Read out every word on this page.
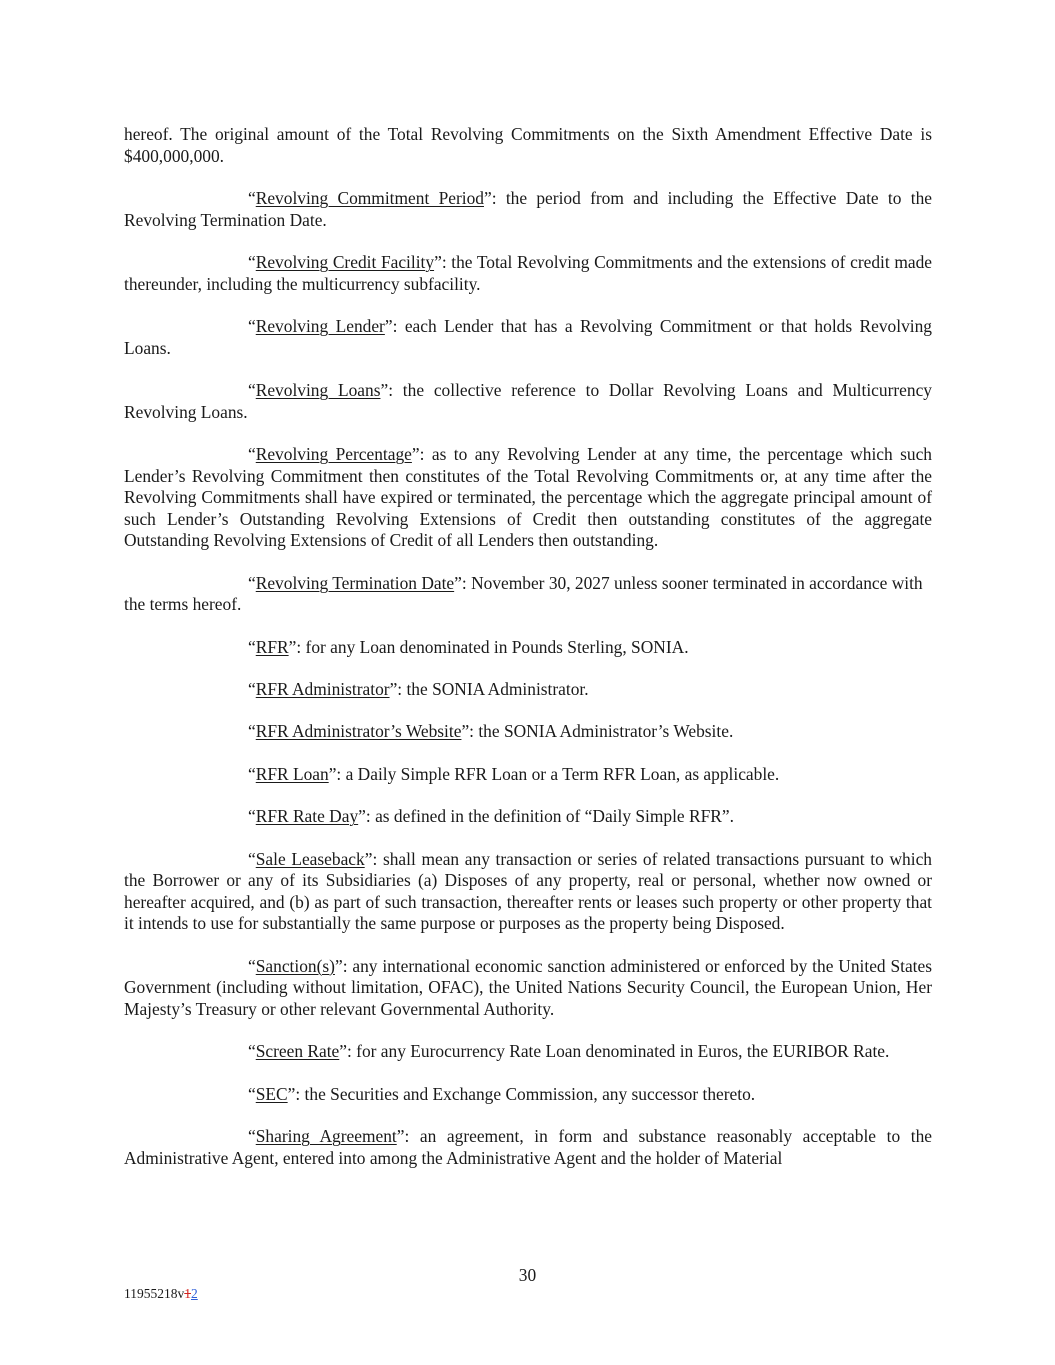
hereof. The original amount of the Total Revolving Commitments on the Sixth Amendment Effective Date is $400,000,000.

“Revolving Commitment Period”: the period from and including the Effective Date to the Revolving Termination Date.

“Revolving Credit Facility”: the Total Revolving Commitments and the extensions of credit made thereunder, including the multicurrency subfacility.

“Revolving Lender”: each Lender that has a Revolving Commitment or that holds Revolving Loans.

“Revolving Loans”: the collective reference to Dollar Revolving Loans and Multicurrency Revolving Loans.

“Revolving Percentage”: as to any Revolving Lender at any time, the percentage which such Lender’s Revolving Commitment then constitutes of the Total Revolving Commitments or, at any time after the Revolving Commitments shall have expired or terminated, the percentage which the aggregate principal amount of such Lender’s Outstanding Revolving Extensions of Credit then outstanding constitutes of the aggregate Outstanding Revolving Extensions of Credit of all Lenders then outstanding.

“Revolving Termination Date”: November 30, 2027 unless sooner terminated in accordance with the terms hereof.

“RFR”: for any Loan denominated in Pounds Sterling, SONIA.

“RFR Administrator”: the SONIA Administrator.

“RFR Administrator’s Website”: the SONIA Administrator’s Website.

“RFR Loan”: a Daily Simple RFR Loan or a Term RFR Loan, as applicable.

“RFR Rate Day”: as defined in the definition of “Daily Simple RFR”.

“Sale Leaseback”: shall mean any transaction or series of related transactions pursuant to which the Borrower or any of its Subsidiaries (a) Disposes of any property, real or personal, whether now owned or hereafter acquired, and (b) as part of such transaction, thereafter rents or leases such property or other property that it intends to use for substantially the same purpose or purposes as the property being Disposed.

“Sanction(s)”: any international economic sanction administered or enforced by the United States Government (including without limitation, OFAC), the United Nations Security Council, the European Union, Her Majesty’s Treasury or other relevant Governmental Authority.

“Screen Rate”: for any Eurocurrency Rate Loan denominated in Euros, the EURIBOR Rate.

“SEC”: the Securities and Exchange Commission, any successor thereto.

“Sharing Agreement”: an agreement, in form and substance reasonably acceptable to the Administrative Agent, entered into among the Administrative Agent and the holder of Material

30
11955218v12
